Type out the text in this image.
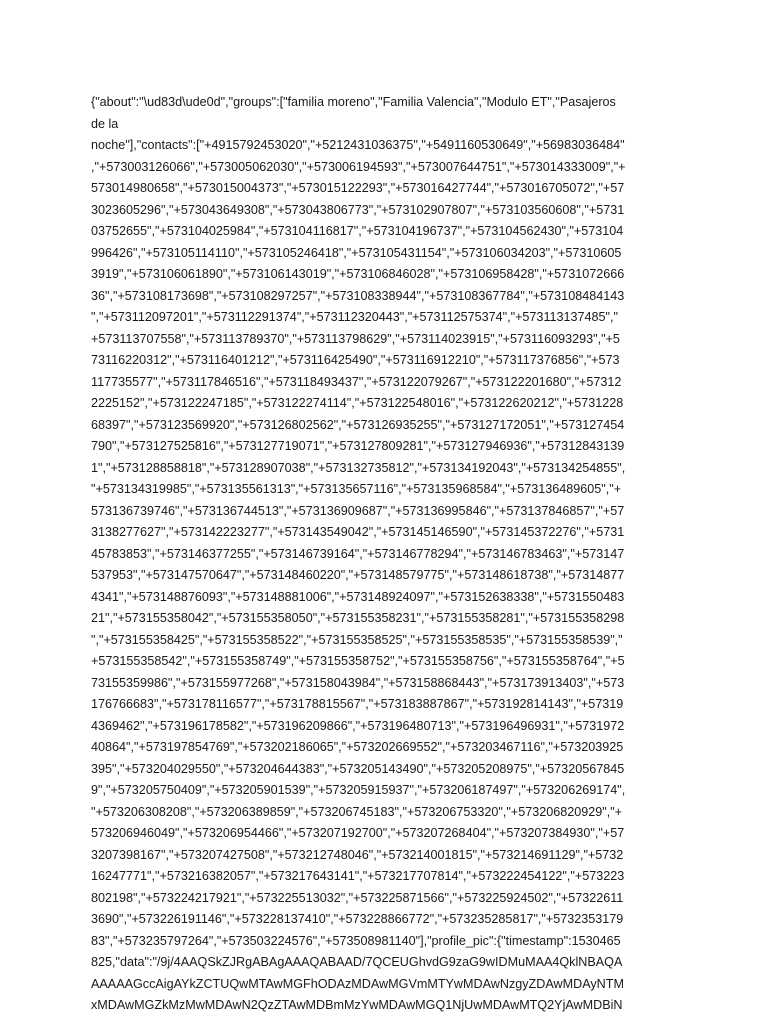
{"about":"\ud83d\ude0d","groups":["familia moreno","Familia Valencia","Modulo ET","Pasajeros
de la
noche"],"contacts":["+4915792453020","+5212431036375","+5491160530649","+56983036484"
,"+573003126066","+573005062030","+573006194593","+573007644751","+573014333009","+
573014980658","+573015004373","+573015122293","+573016427744","+573016705072","+57
3023605296","+573043649308","+573043806773","+573102907807","+573103560608","+5731
03752655","+573104025984","+573104116817","+573104196737","+573104562430","+573104
996426","+573105114110","+573105246418","+573105431154","+573106034203","+57310605
3919","+573106061890","+573106143019","+573106846028","+573106958428","+5731072666
36","+573108173698","+573108297257","+573108338944","+573108367784","+573108484143
","+573112097201","+573112291374","+573112320443","+573112575374","+573113137485","
+573113707558","+573113789370","+573113798629","+573114023915","+573116093293","+5
73116220312","+573116401212","+573116425490","+573116912210","+573117376856","+573
117735577","+573117846516","+573118493437","+573122079267","+573122201680","+57312
2225152","+573122247185","+573122274114","+573122548016","+573122620212","+5731228
68397","+573123569920","+573126802562","+573126935255","+573127172051","+573127454
790","+573127525816","+573127719071","+573127809281","+573127946936","+57312843139
1","+573128858818","+573128907038","+573132735812","+573134192043","+573134254855",
"+573134319985","+573135561313","+573135657116","+573135968584","+573136489605","+
573136739746","+573136744513","+573136909687","+573136995846","+573137846857","+57
3138277627","+573142223277","+573143549042","+573145146590","+573145372276","+5731
45783853","+573146377255","+573146739164","+573146778294","+573146783463","+573147
537953","+573147570647","+573148460220","+573148579775","+573148618738","+57314877
4341","+573148876093","+573148881006","+573148924097","+573152638338","+5731550483
21","+573155358042","+573155358050","+573155358231","+573155358281","+573155358298
","+573155358425","+573155358522","+573155358525","+573155358535","+573155358539","
+573155358542","+573155358749","+573155358752","+573155358756","+573155358764","+5
73155359986","+573155977268","+573158043984","+573158868443","+573173913403","+573
176766683","+573178116577","+573178815567","+573183887867","+573192814143","+57319
4369462","+573196178582","+573196209866","+573196480713","+573196496931","+5731972
40864","+573197854769","+573202186065","+573202669552","+573203467116","+573203925
395","+573204029550","+573204644383","+573205143490","+573205208975","+57320567845
9","+573205750409","+573205901539","+573205915937","+573206187497","+573206269174",
"+573206308208","+573206389859","+573206745183","+573206753320","+573206820929","+
573206946049","+573206954466","+573207192700","+573207268404","+573207384930","+57
3207398167","+573207427508","+573212748046","+573214001815","+573214691129","+5732
16247771","+573216382057","+573217643141","+573217707814","+573222454122","+573223
802198","+573224217921","+573225513032","+573225871566","+573225924502","+57322611
3690","+573226191146","+573228137410","+573228866772","+573235285817","+5732353179
83","+573235797264","+573503224576","+573508981140"],"profile_pic":{"timestamp":1530465
825,"data":"/9j/4AAQSkZJRgABAgAAAQABAAD/7QCEUGhvdG9zaG9wIDMuMAA4QklNBAQA
AAAAAGccAigAYkZCTUQwMTAwMGFhODAzMDAwMGVmMTYwMDAwNzgyZDAwMDAyNTM
xMDAwMGZkMzMwMDAwN2QzZTAwMDBmMzYwMDAwMGQ1NjUwMDAwMTQ2YjAwMDBiN
